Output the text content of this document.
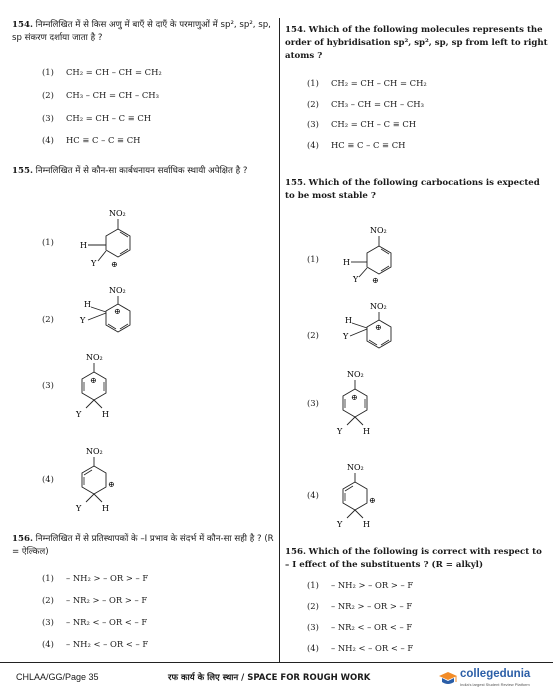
154. निम्नलिखित में से किस अणु में बाएँ से दाएँ के परमाणुओं में sp², sp², sp, sp संकरण दर्शाया जाता है ?
(1) CH₂ = CH – CH = CH₂
(2) CH₃ – CH = CH – CH₃
(3) CH₂ = CH – C ≡ CH
(4) HC ≡ C – C ≡ CH
155. निम्नलिखित में से कौन-सा कार्बधनायन सर्वाधिक स्थायी अपेक्षित है ?
(1)
NO₂
H
Y ⊕
(2)
NO₂
⊕
H
Y
(3)
NO₂
⊕
Y	H
(4)
NO₂
⊕
Y	H
156. निम्नलिखित में से प्रतिस्थापकों के –I प्रभाव के संदर्भ में कौन-सा सही है ? (R = ऐल्किल)
(1) – NH₂ > – OR > – F
(2) – NR₂ > – OR > – F
(3) – NR₂ < – OR < – F
(4) – NH₂ < – OR < – F
154. Which of the following molecules represents the order of hybridisation sp², sp², sp, sp from left to right atoms ?
(1) CH₂ = CH – CH = CH₂
(2) CH₃ – CH = CH – CH₃
(3) CH₂ = CH – C ≡ CH
(4) HC ≡ C – C ≡ CH
155. Which of the following carbocations is expected to be most stable ?
(1)
NO₂
H
Y ⊕
(2)
NO₂
⊕
H
Y
(3)
NO₂
⊕
Y	H
(4)
NO₂
⊕
Y	H
156. Which of the following is correct with respect to – I effect of the substituents ? (R = alkyl)
(1) – NH₂ > – OR > – F
(2) – NR₂ > – OR > – F
(3) – NR₂ < – OR < – F
(4) – NH₂ < – OR < – F
CHLAA/GG/Page 35	रफ कार्य के लिए स्थान / SPACE FOR ROUGH WORK	collegedunia
India's largest Student Review Platform
